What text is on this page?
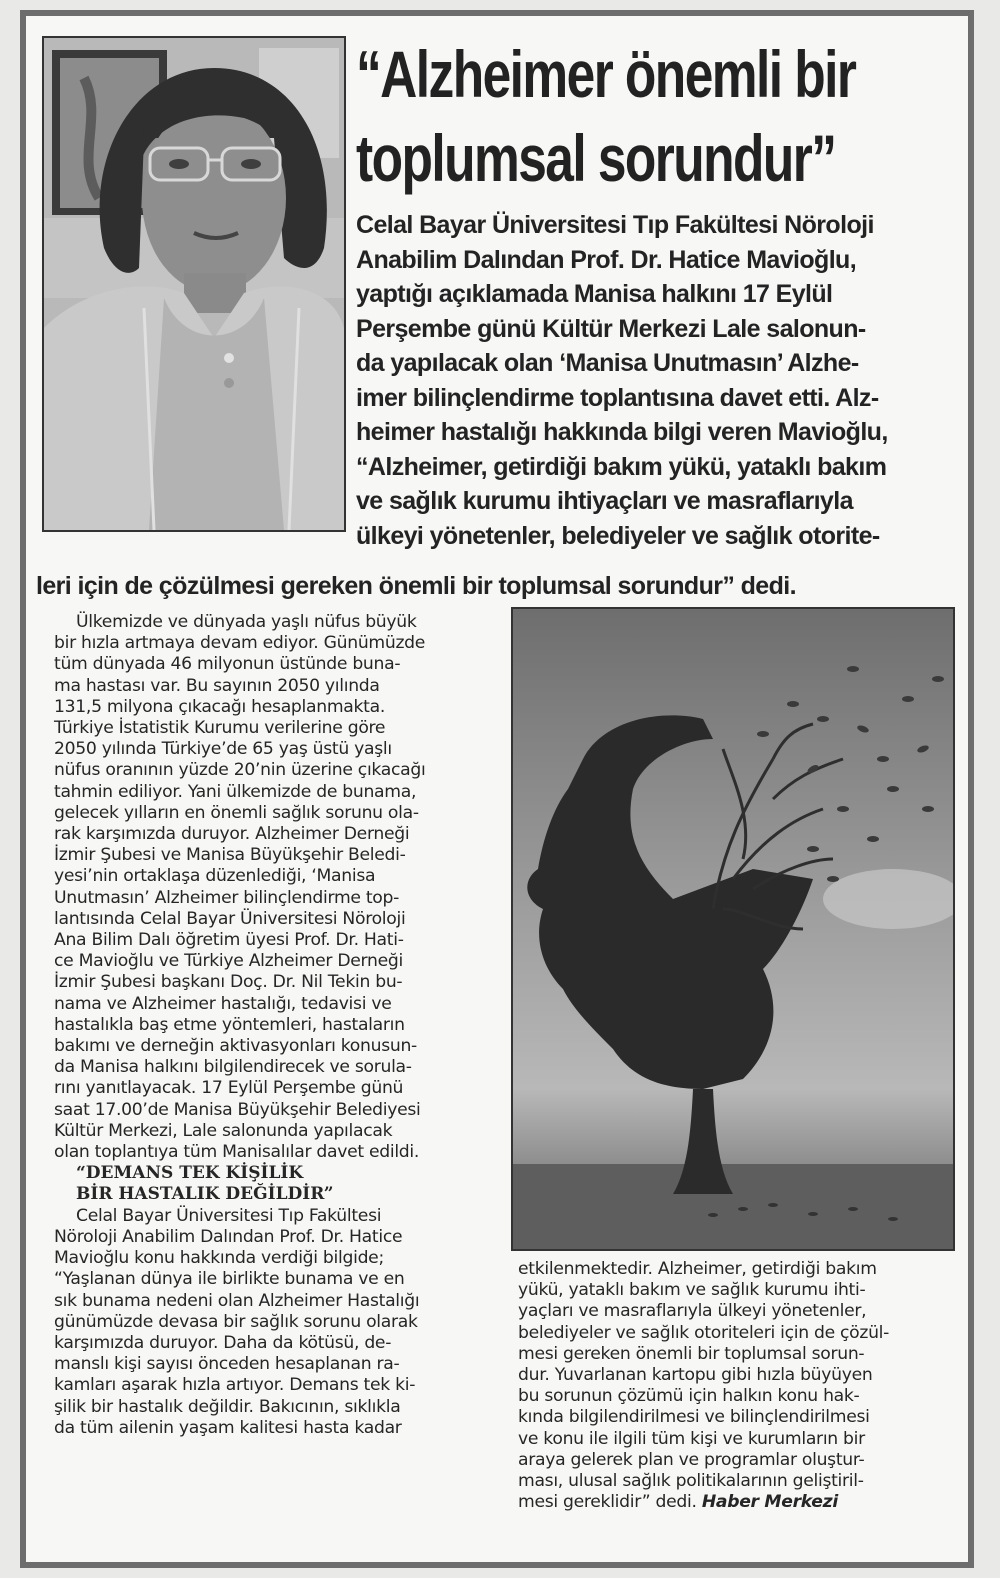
“Alzheimer önemli bir
toplumsal sorundur”
Celal Bayar Üniversitesi Tıp Fakültesi Nöroloji
Anabilim Dalından Prof. Dr. Hatice Mavioğlu,
yaptığı açıklamada Manisa halkını 17 Eylül
Perşembe günü Kültür Merkezi Lale salonun-
da yapılacak olan ‘Manisa Unutmasın’ Alzhe-
imer bilinçlendirme toplantısına davet etti. Alz-
heimer hastalığı hakkında bilgi veren Mavioğlu,
“Alzheimer, getirdiği bakım yükü, yataklı bakım
ve sağlık kurumu ihtiyaçları ve masraflarıyla
ülkeyi yönetenler, belediyeler ve sağlık otorite-
leri için de çözülmesi gereken önemli bir toplumsal sorundur” dedi.
Ülkemizde ve dünyada yaşlı nüfus büyük
bir hızla artmaya devam ediyor. Günümüzde
tüm dünyada 46 milyonun üstünde buna-
ma hastası var. Bu sayının 2050 yılında
131,5 milyona çıkacağı hesaplanmakta.
Türkiye İstatistik Kurumu verilerine göre
2050 yılında Türkiye’de 65 yaş üstü yaşlı
nüfus oranının yüzde 20’nin üzerine çıkacağı
tahmin ediliyor. Yani ülkemizde de bunama,
gelecek yılların en önemli sağlık sorunu ola-
rak karşımızda duruyor. Alzheimer Derneği
İzmir Şubesi ve Manisa Büyükşehir Beledi-
yesi’nin ortaklaşa düzenlediği, ‘Manisa
Unutmasın’ Alzheimer bilinçlendirme top-
lantısında Celal Bayar Üniversitesi Nöroloji
Ana Bilim Dalı öğretim üyesi Prof. Dr. Hati-
ce Mavioğlu ve Türkiye Alzheimer Derneği
İzmir Şubesi başkanı Doç. Dr. Nil Tekin bu-
nama ve Alzheimer hastalığı, tedavisi ve
hastalıkla baş etme yöntemleri, hastaların
bakımı ve derneğin aktivasyonları konusun-
da Manisa halkını bilgilendirecek ve sorula-
rını yanıtlayacak. 17 Eylül Perşembe günü
saat 17.00’de Manisa Büyükşehir Belediyesi
Kültür Merkezi, Lale salonunda yapılacak
olan toplantıya tüm Manisalılar davet edildi.
“DEMANS TEK KİŞİLİK
BİR HASTALIK DEĞİLDİR”
Celal Bayar Üniversitesi Tıp Fakültesi
Nöroloji Anabilim Dalından Prof. Dr. Hatice
Mavioğlu konu hakkında verdiği bilgide;
“Yaşlanan dünya ile birlikte bunama ve en
sık bunama nedeni olan Alzheimer Hastalığı
günümüzde devasa bir sağlık sorunu olarak
karşımızda duruyor. Daha da kötüsü, de-
manslı kişi sayısı önceden hesaplanan ra-
kamları aşarak hızla artıyor. Demans tek ki-
şilik bir hastalık değildir. Bakıcının, sıklıkla
da tüm ailenin yaşam kalitesi hasta kadar
etkilenmektedir. Alzheimer, getirdiği bakım
yükü, yataklı bakım ve sağlık kurumu ihti-
yaçları ve masraflarıyla ülkeyi yönetenler,
belediyeler ve sağlık otoriteleri için de çözül-
mesi gereken önemli bir toplumsal sorun-
dur. Yuvarlanan kartopu gibi hızla büyüyen
bu sorunun çözümü için halkın konu hak-
kında bilgilendirilmesi ve bilinçlendirilmesi
ve konu ile ilgili tüm kişi ve kurumların bir
araya gelerek plan ve programlar oluştur-
ması, ulusal sağlık politikalarının geliştiril-
mesi gereklidir” dedi. Haber Merkezi
